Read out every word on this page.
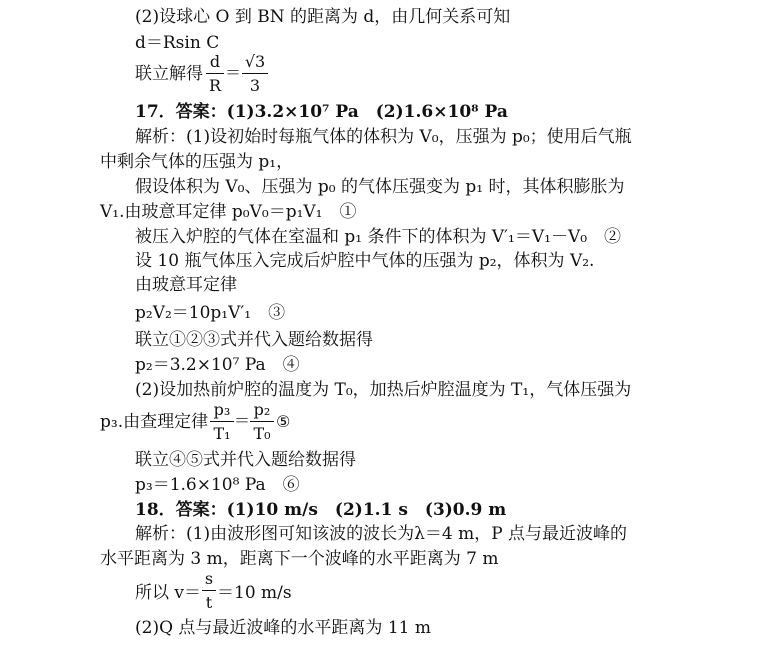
(2)设球心 O 到 BN 的距离为 d，由几何关系可知
d＝Rsin C
联立解得
d
R
＝
√3
3
17．答案：(1)3.2×10⁷ Pa　(2)1.6×10⁸ Pa
解析：(1)设初始时每瓶气体的体积为 V₀，压强为 p₀；使用后气瓶
中剩余气体的压强为 p₁，
假设体积为 V₀、压强为 p₀ 的气体压强变为 p₁ 时，其体积膨胀为
V₁.由玻意耳定律 p₀V₀＝p₁V₁　①
被压入炉腔的气体在室温和 p₁ 条件下的体积为 V′₁＝V₁－V₀　②
设 10 瓶气体压入完成后炉腔中气体的压强为 p₂，体积为 V₂.
由玻意耳定律
p₂V₂＝10p₁V′₁　③
联立①②③式并代入题给数据得
p₂＝3.2×10⁷ Pa　④
(2)设加热前炉腔的温度为 T₀，加热后炉腔温度为 T₁，气体压强为
p₃.由查理定律
p₃
T₁
＝
p₂
T₀
⑤
联立④⑤式并代入题给数据得
p₃＝1.6×10⁸ Pa　⑥
18．答案：(1)10 m/s　(2)1.1 s　(3)0.9 m
解析：(1)由波形图可知该波的波长为λ＝4 m，P 点与最近波峰的
水平距离为 3 m，距离下一个波峰的水平距离为 7 m
所以 v＝
s
t ＝10 m/s
(2)Q 点与最近波峰的水平距离为 11 m
